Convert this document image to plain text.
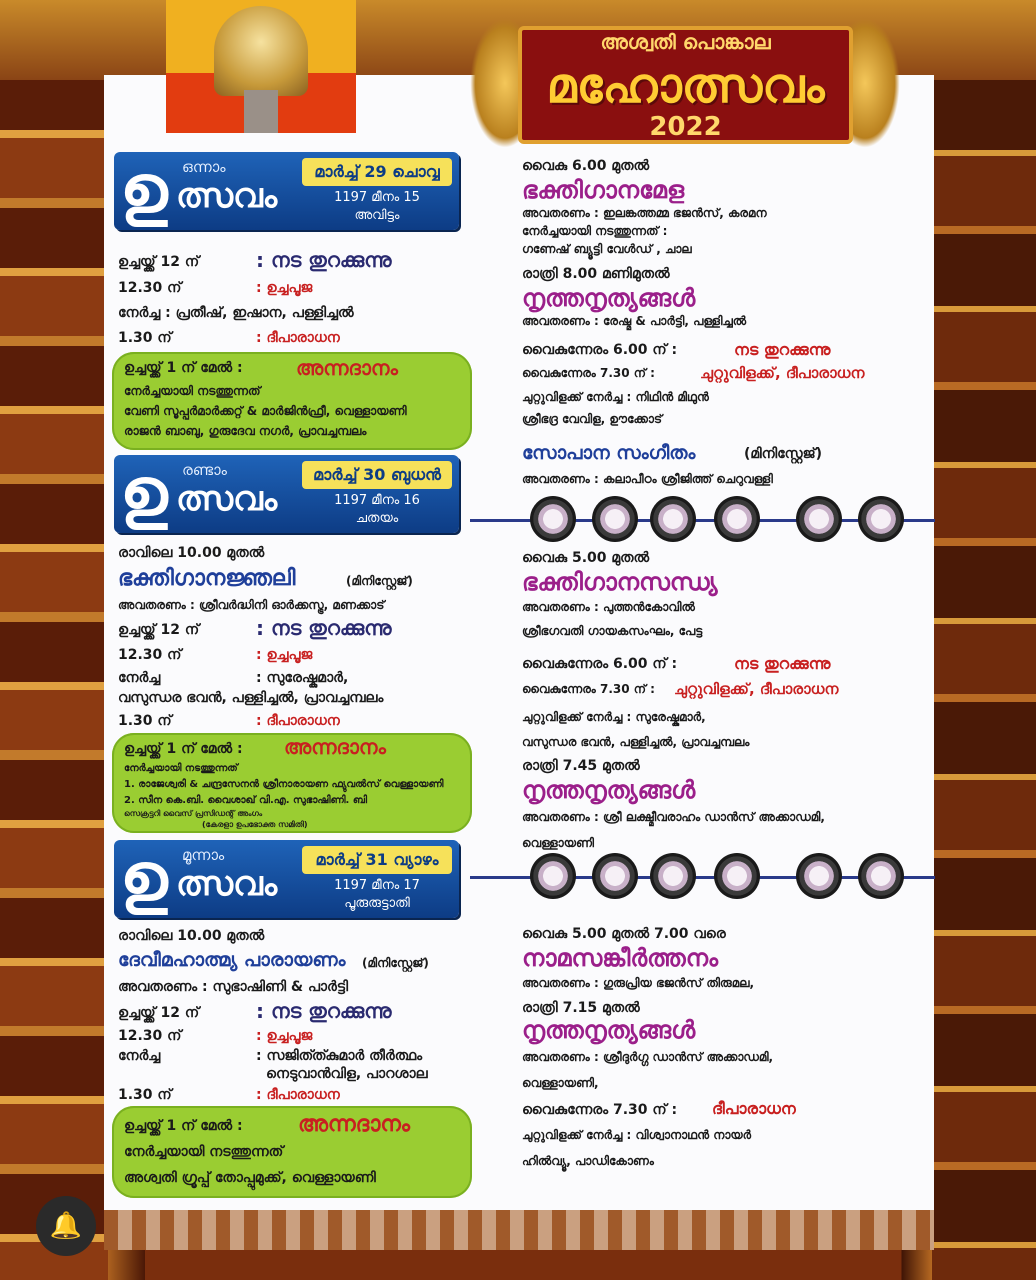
അശ്വതി പൊങ്കാല
മഹോത്സവം
2022
ഉ ഒന്നാം
ത്സവം
മാർച്ച് 29 ചൊവ്വ
1197 മീനം 15
അവിട്ടം
ഉച്ചയ്ക്ക് 12 ന്	: നട തുറക്കുന്നു
12.30 ന്	: ഉച്ചപൂജ
നേർച്ച : പ്രതീഷ്, ഇഷാന, പള്ളിച്ചൽ
1.30 ന്	: ദീപാരാധന
ഉച്ചയ്ക്ക് 1 ന് മേൽ :	അന്നദാനം
നേർച്ചയായി നടത്തുന്നത്
വേണി സൂപ്പർമാർക്കറ്റ് & മാർജിൻഫ്രീ, വെള്ളായണി
രാജൻ ബാബു, ഗുരുദേവ നഗർ, പ്രാവച്ചമ്പലം
ഉ രണ്ടാം
ത്സവം
മാർച്ച് 30 ബുധൻ
1197 മീനം 16
ചതയം
രാവിലെ 10.00 മുതൽ
ഭക്തിഗാനജ്ഞലി	(മിനിസ്റ്റേജ്)
അവതരണം : ശ്രീവർദ്ധിനി ഓർക്കസ്ട്ര, മണക്കാട്
ഉച്ചയ്ക്ക് 12 ന്	: നട തുറക്കുന്നു
12.30 ന്	: ഉച്ചപൂജ
നേർച്ച	: സുരേഷ്കുമാർ,
വസുന്ധര ഭവൻ, പള്ളിച്ചൽ, പ്രാവച്ചമ്പലം
1.30 ന്	: ദീപാരാധന
ഉച്ചയ്ക്ക് 1 ന് മേൽ : അന്നദാനം
നേർച്ചയായി നടത്തുന്നത്
1. രാജേശ്വരി & ചന്ദ്രസേനൻ ശ്രീനാരായണ ഫ്യുവൽസ് വെള്ളായണി
2. സീന കെ.ബി. വൈശാഖ് വി.എ. സുഭാഷിണി. ബി
സെക്രട്ടറി വൈസ് പ്രസിഡന്റ് അംഗം
(കേരളാ ഉപഭോക്ത സമിതി)
ഉ മൂന്നാം
ത്സവം
മാർച്ച് 31 വ്യാഴം
1197 മീനം 17
പൂരുരുട്ടാതി
രാവിലെ 10.00 മുതൽ
ദേവീമഹാത്മ്യ പാരായണം (മിനിസ്റ്റേജ്)
അവതരണം : സുഭാഷിണി & പാർട്ടി
ഉച്ചയ്ക്ക് 12 ന്	: നട തുറക്കുന്നു
12.30 ന്	: ഉച്ചപൂജ
നേർച്ച	: സജിത്ത്കുമാർ തീർത്ഥം
നെടുവാൻവിള, പാറശാല
1.30 ന്	: ദീപാരാധന
ഉച്ചയ്ക്ക് 1 ന് മേൽ :	അന്നദാനം
നേർച്ചയായി നടത്തുന്നത്
അശ്വതി ഗ്രൂപ്പ് തോപ്പുമുക്ക്, വെള്ളായണി
വൈകു 6.00 മുതൽ
ഭക്തിഗാനമേള
അവതരണം : ഇലങ്കത്തമ്മ ഭജൻസ്, കരമന
നേർച്ചയായി നടത്തുന്നത് :
ഗണേഷ് ബ്യൂട്ടി വേൾഡ് , ചാല
രാത്രി 8.00 മണിമുതൽ
നൃത്തനൃത്യങ്ങൾ
അവതരണം : രേഷ്മ & പാർട്ടി, പള്ളിച്ചൽ
വൈകുന്നേരം 6.00 ന് :	നട തുറക്കുന്നു
വൈകുന്നേരം 7.30 ന് :	ചുറ്റുവിളക്ക്, ദീപാരാധന
ചുറ്റുവിളക്ക് നേർച്ച : നിഥിൻ മിഥുൻ
ശ്രീഭദ്ര വേവിള, ഊക്കോട്
സോപാന സംഗീതം	(മിനിസ്റ്റേജ്)
അവതരണം : കലാപീഠം ശ്രീജിത്ത് ചെറുവള്ളി
വൈകു 5.00 മുതൽ
ഭക്തിഗാനസന്ധ്യ
അവതരണം : പുത്തൻകോവിൽ
ശ്രീഭഗവതി ഗായകസംഘം, പേട്ട
വൈകുന്നേരം 6.00 ന് :	നട തുറക്കുന്നു
വൈകുന്നേരം 7.30 ന് : ചുറ്റുവിളക്ക്, ദീപാരാധന
ചുറ്റുവിളക്ക് നേർച്ച : സുരേഷ്കുമാർ,
വസുന്ധര ഭവൻ, പള്ളിച്ചൽ, പ്രാവച്ചമ്പലം
രാത്രി 7.45 മുതൽ
നൃത്തനൃത്യങ്ങൾ
അവതരണം : ശ്രീ ലക്ഷ്മീവരാഹം ഡാൻസ് അക്കാഡമി,
വെള്ളായണി
വൈകു 5.00 മുതൽ 7.00 വരെ
നാമസങ്കീർത്തനം
അവതരണം : ഗുരുപ്രിയ ഭജൻസ് തിരുമല,
രാത്രി 7.15 മുതൽ
നൃത്തനൃത്യങ്ങൾ
അവതരണം : ശ്രീദുർഗ്ഗ ഡാൻസ് അക്കാഡമി,
വെള്ളായണി,
വൈകുന്നേരം 7.30 ന് : ദീപാരാധന
ചുറ്റുവിളക്ക് നേർച്ച : വിശ്വാനാഥൻ നായർ
ഹിൽവ്യൂ, പാഡികോണം
🔔
